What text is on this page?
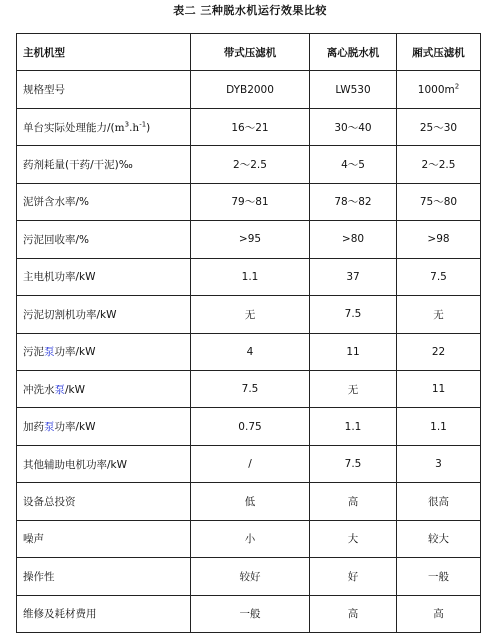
表二 三种脱水机运行效果比较
主机机型	带式压滤机	离心脱水机	厢式压滤机
规格型号	DYB2000	LW530	$1000m^2$
单台实际处理能力$/(m^3.h^{-1})$	16～21	30～40	25～30
药剂耗量(干药/干泥)‰	2～2.5	4～5	2～2.5
泥饼含水率/%	79～81	78～82	75～80
污泥回收率/%	>95	>80	>98
主电机功率/kW	1.1	37	7.5
污泥切割机功率/kW	无	7.5	无
污泥泵功率/kW	4	11	22
冲洗水泵/kW	7.5	无	11
加药泵功率/kW	0.75	1.1	1.1
其他辅助电机功率/kW	/	7.5	3
设备总投资	低	高	很高
噪声	小	大	较大
操作性	较好	好	一般
维修及耗材费用	一般	高	高
